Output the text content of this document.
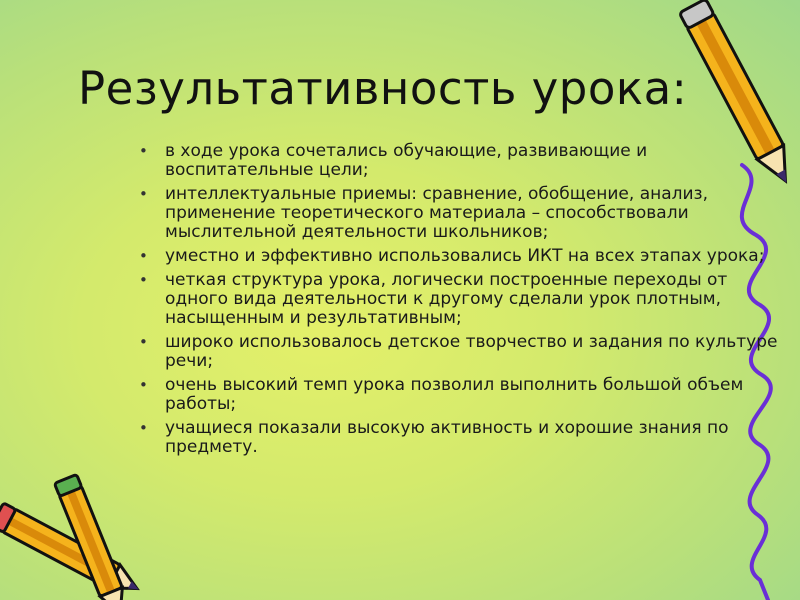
Результативность урока:
• в ходе урока сочетались обучающие, развивающие и воспитательные цели;
• интеллектуальные приемы: сравнение, обобщение, анализ, применение теоретического материала – способствовали мыслительной деятельности школьников;
• уместно и эффективно использовались ИКТ на всех этапах урока;
• четкая структура урока, логически построенные переходы от одного вида деятельности к другому сделали урок плотным, насыщенным и результативным;
• широко использовалось детское творчество и задания по культуре речи;
• очень высокий темп урока позволил выполнить большой объем работы;
• учащиеся показали высокую активность и хорошие знания по предмету.
